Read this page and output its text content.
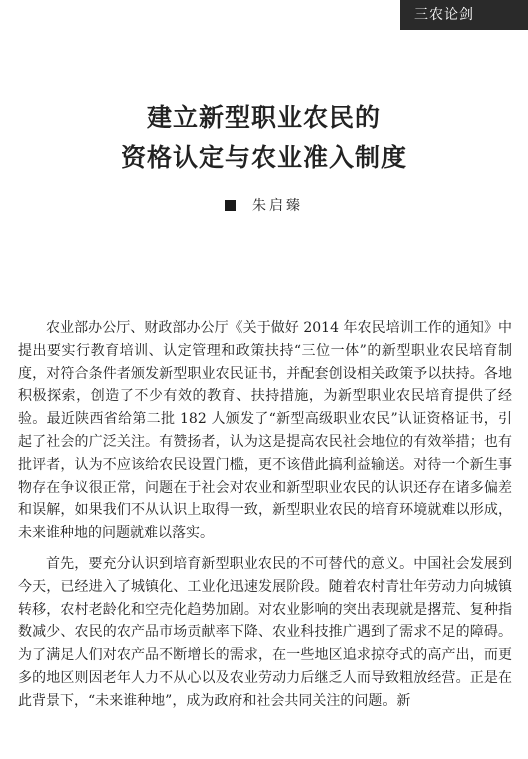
三农论剑
建立新型职业农民的
资格认定与农业准入制度
朱启臻

农业部办公厅、财政部办公厅《关于做好 2014 年农民培训工作的通知》中提出要实行教育培训、认定管理和政策扶持“三位一体”的新型职业农民培育制度，对符合条件者颁发新型职业农民证书，并配套创设相关政策予以扶持。各地积极探索，创造了不少有效的教育、扶持措施，为新型职业农民培育提供了经验。最近陕西省给第二批 182 人颁发了“新型高级职业农民”认证资格证书，引起了社会的广泛关注。有赞扬者，认为这是提高农民社会地位的有效举措；也有批评者，认为不应该给农民设置门槛，更不该借此搞利益输送。对待一个新生事物存在争议很正常，问题在于社会对农业和新型职业农民的认识还存在诸多偏差和误解，如果我们不从认识上取得一致，新型职业农民的培育环境就难以形成，未来谁种地的问题就难以落实。

首先，要充分认识到培育新型职业农民的不可替代的意义。中国社会发展到今天，已经进入了城镇化、工业化迅速发展阶段。随着农村青壮年劳动力向城镇转移，农村老龄化和空壳化趋势加剧。对农业影响的突出表现就是撂荒、复种指数减少、农民的农产品市场贡献率下降、农业科技推广遇到了需求不足的障碍。为了满足人们对农产品不断增长的需求，在一些地区追求掠夺式的高产出，而更多的地区则因老年人力不从心以及农业劳动力后继乏人而导致粗放经营。正是在此背景下，“未来谁种地”，成为政府和社会共同关注的问题。新
